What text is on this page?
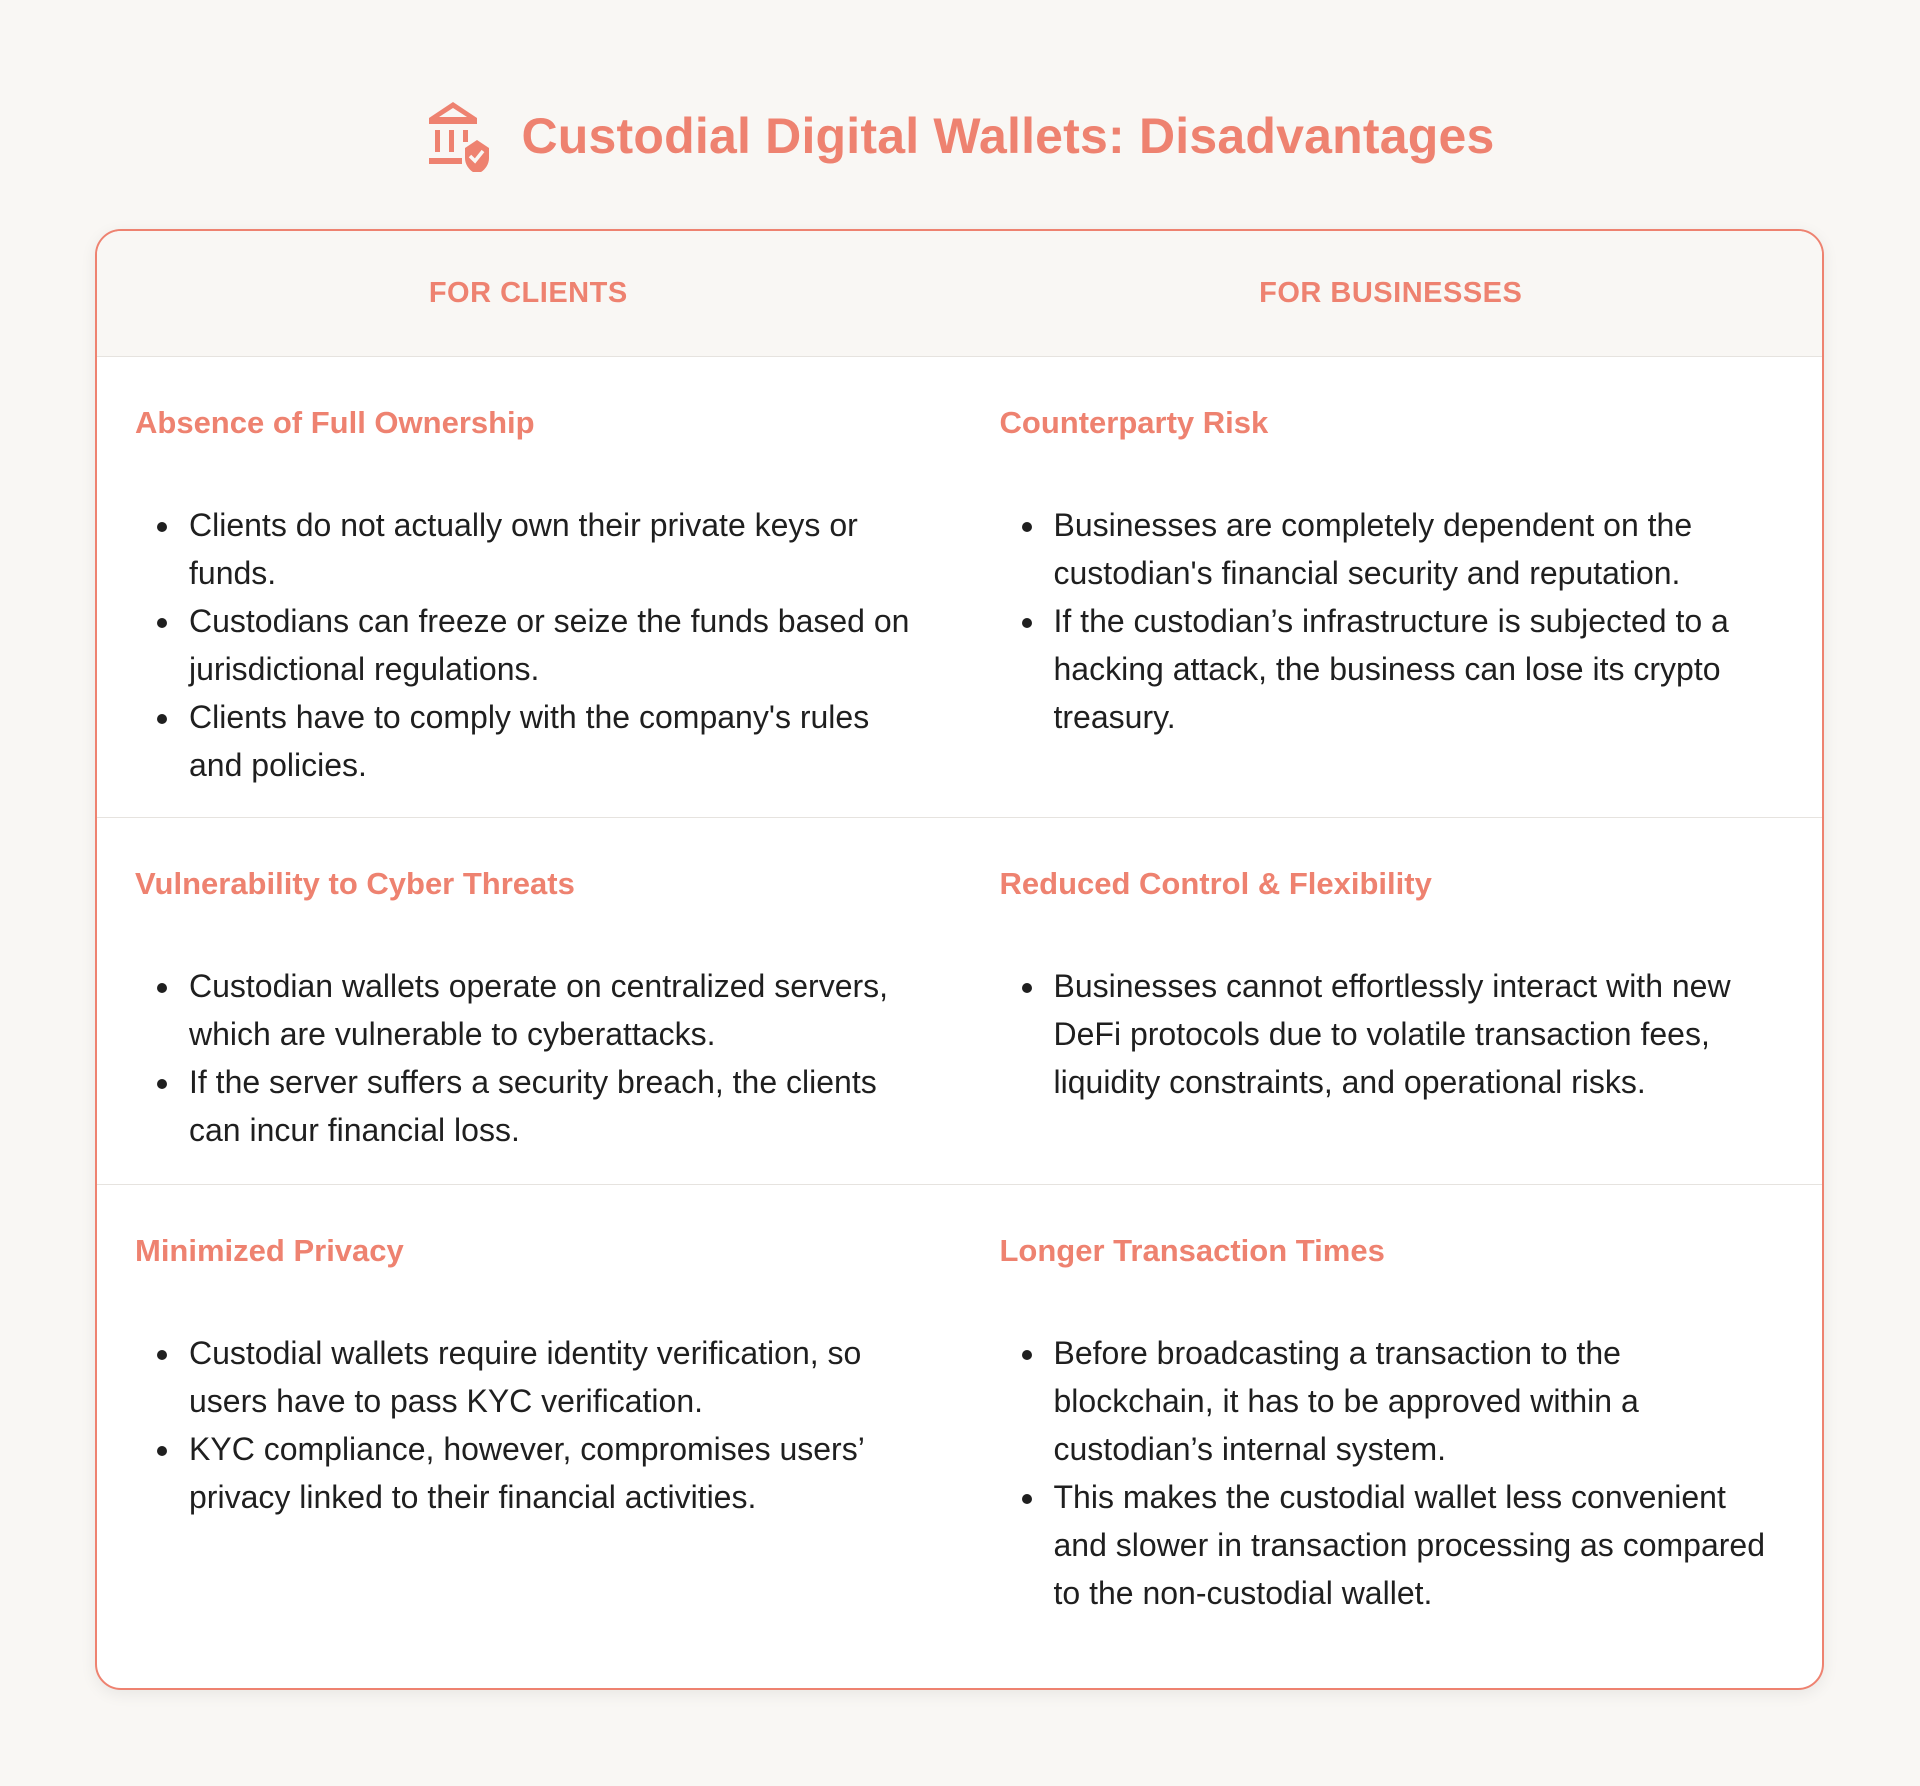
Custodial Digital Wallets: Disadvantages
FOR CLIENTS	FOR BUSINESSES
Absence of Full Ownership
• Clients do not actually own their private keys or funds.
• Custodians can freeze or seize the funds based on jurisdictional regulations.
• Clients have to comply with the company's rules and policies.
Counterparty Risk
• Businesses are completely dependent on the custodian's financial security and reputation.
• If the custodian’s infrastructure is subjected to a hacking attack, the business can lose its crypto treasury.
Vulnerability to Cyber Threats
• Custodian wallets operate on centralized servers, which are vulnerable to cyberattacks.
• If the server suffers a security breach, the clients can incur financial loss.
Reduced Control & Flexibility
• Businesses cannot effortlessly interact with new DeFi protocols due to volatile transaction fees, liquidity constraints, and operational risks.
Minimized Privacy
• Custodial wallets require identity verification, so users have to pass KYC verification.
• KYC compliance, however, compromises users’ privacy linked to their financial activities.
Longer Transaction Times
• Before broadcasting a transaction to the blockchain, it has to be approved within a custodian’s internal system.
• This makes the custodial wallet less convenient and slower in transaction processing as compared to the non-custodial wallet.
